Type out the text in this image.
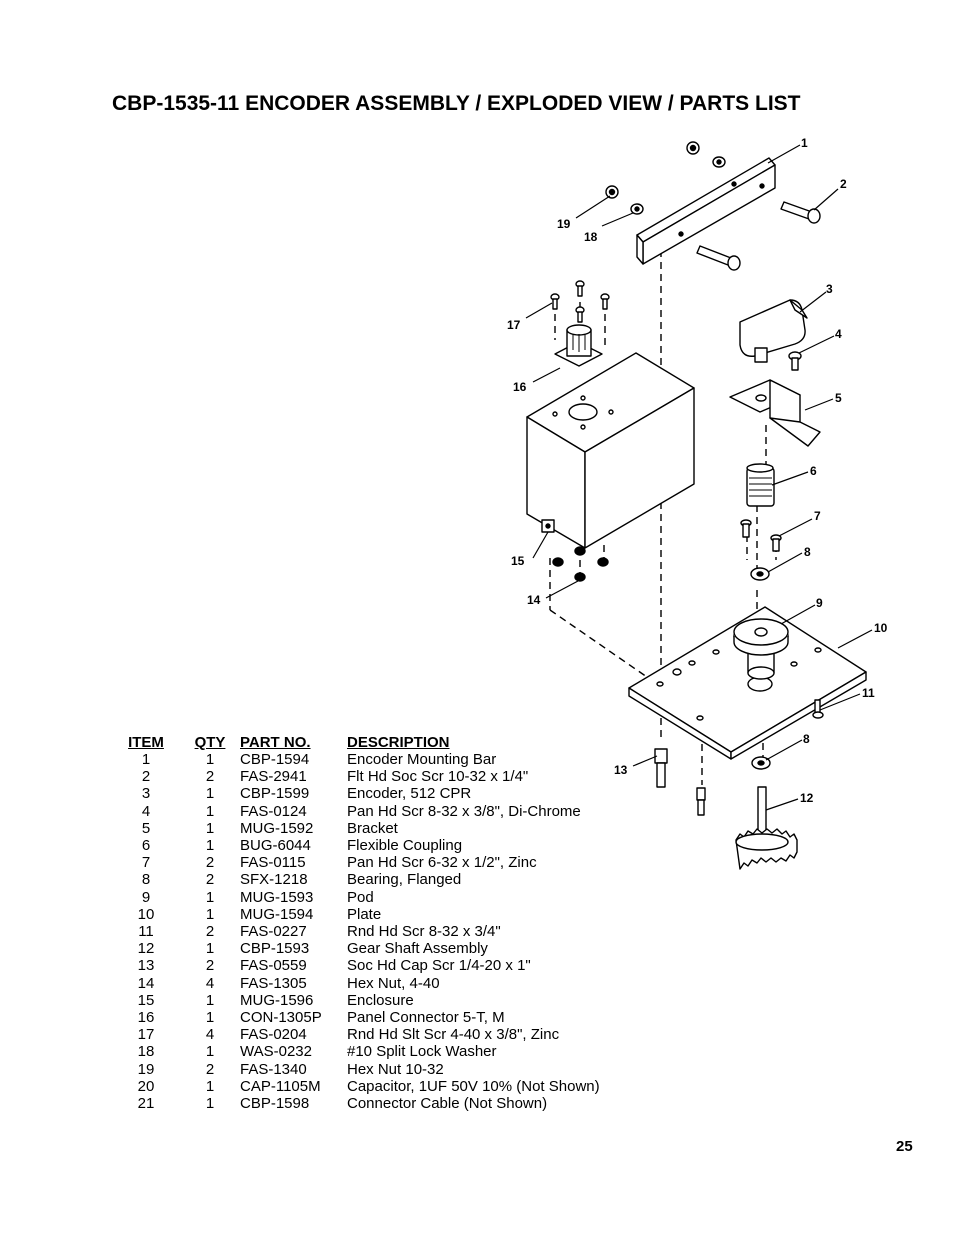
CBP-1535-11 ENCODER ASSEMBLY / EXPLODED VIEW / PARTS LIST
1
2
3
4
5
6
7
8
9
10
11
8
12
13
14
15
16
17
18
19
ITEM	QTY	PART NO.	DESCRIPTION
1	1	CBP-1594	Encoder Mounting Bar
2	2	FAS-2941	Flt Hd Soc Scr 10-32 x 1/4"
3	1	CBP-1599	Encoder, 512 CPR
4	1	FAS-0124	Pan Hd Scr 8-32 x 3/8", Di-Chrome
5	1	MUG-1592	Bracket
6	1	BUG-6044	Flexible Coupling
7	2	FAS-0115	Pan Hd Scr 6-32 x 1/2", Zinc
8	2	SFX-1218	Bearing, Flanged
9	1	MUG-1593	Pod
10	1	MUG-1594	Plate
11	2	FAS-0227	Rnd Hd Scr 8-32 x 3/4"
12	1	CBP-1593	Gear Shaft Assembly
13	2	FAS-0559	Soc Hd Cap Scr 1/4-20 x 1"
14	4	FAS-1305	Hex Nut, 4-40
15	1	MUG-1596	Enclosure
16	1	CON-1305P	Panel Connector 5-T, M
17	4	FAS-0204	Rnd Hd Slt Scr 4-40 x 3/8", Zinc
18	1	WAS-0232	#10 Split Lock Washer
19	2	FAS-1340	Hex Nut 10-32
20	1	CAP-1105M	Capacitor, 1UF 50V 10% (Not Shown)
21	1	CBP-1598	Connector Cable (Not Shown)
25
